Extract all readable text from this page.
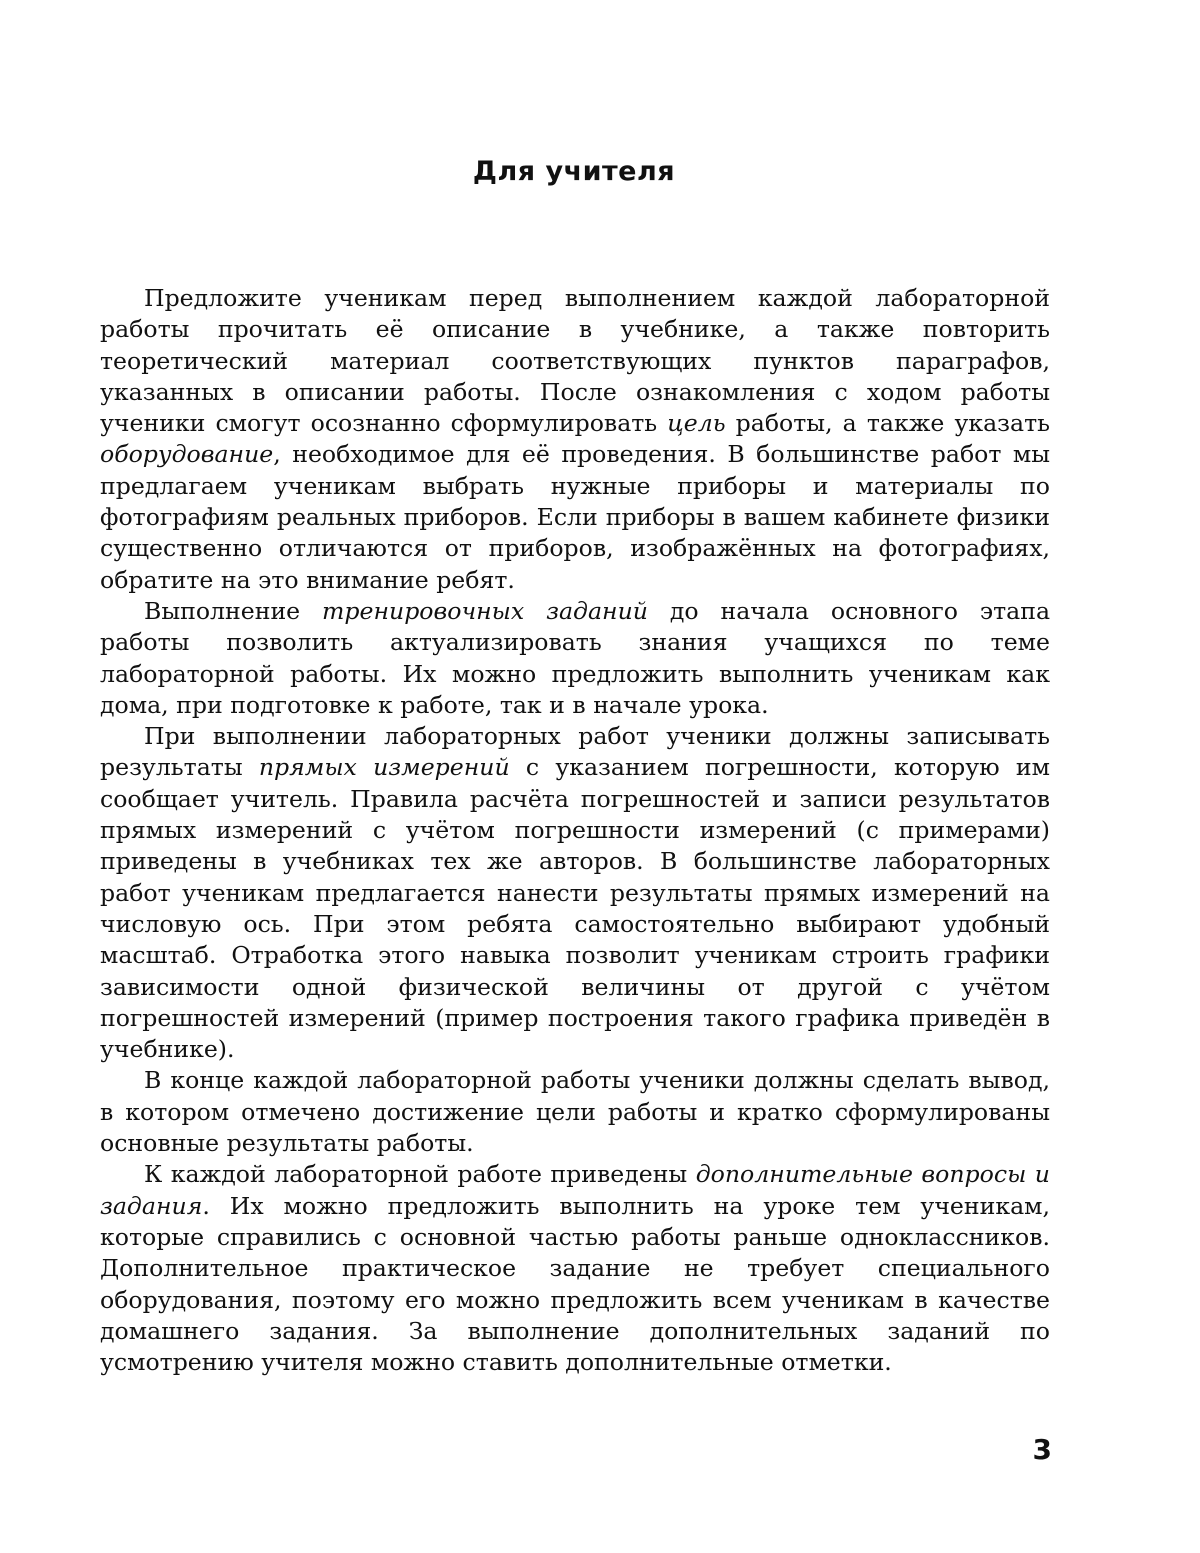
Для учителя

Предложите ученикам перед выполнением каждой лабораторной работы прочитать её описание в учебнике, а также повторить теоретический материал соответствующих пунктов параграфов, указанных в описании работы. После ознакомления с ходом работы ученики смогут осознанно сформулировать цель работы, а также указать оборудование, необходимое для её проведения. В большинстве работ мы предлагаем ученикам выбрать нужные приборы и материалы по фотографиям реальных приборов. Если приборы в вашем кабинете физики существенно отличаются от приборов, изображённых на фотографиях, обратите на это внимание ребят.

Выполнение тренировочных заданий до начала основного этапа работы позволить актуализировать знания учащихся по теме лабораторной работы. Их можно предложить выполнить ученикам как дома, при подготовке к работе, так и в начале урока.

При выполнении лабораторных работ ученики должны записывать результаты прямых измерений с указанием погрешности, которую им сообщает учитель. Правила расчёта погрешностей и записи результатов прямых измерений с учётом погрешности измерений (с примерами) приведены в учебниках тех же авторов. В большинстве лабораторных работ ученикам предлагается нанести результаты прямых измерений на числовую ось. При этом ребята самостоятельно выбирают удобный масштаб. Отработка этого навыка позволит ученикам строить графики зависимости одной физической величины от другой с учётом погрешностей измерений (пример построения такого графика приведён в учебнике).

В конце каждой лабораторной работы ученики должны сделать вывод, в котором отмечено достижение цели работы и кратко сформулированы основные результаты работы.

К каждой лабораторной работе приведены дополнительные вопросы и задания. Их можно предложить выполнить на уроке тем ученикам, которые справились с основной частью работы раньше одноклассников. Дополнительное практическое задание не требует специального оборудования, поэтому его можно предложить всем ученикам в качестве домашнего задания. За выполнение дополнительных заданий по усмотрению учителя можно ставить дополнительные отметки.

3
